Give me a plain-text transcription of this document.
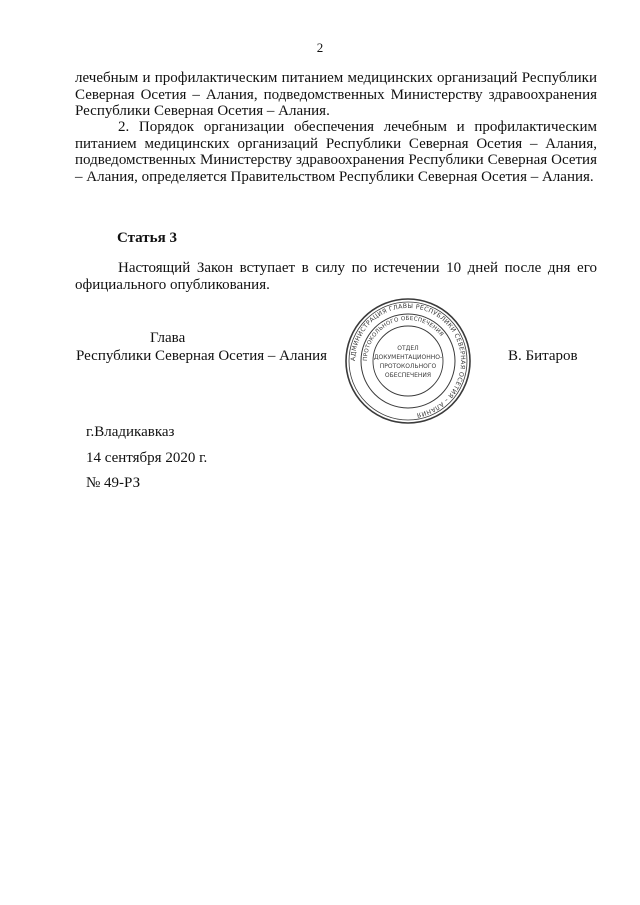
2
лечебным и профилактическим питанием медицинских организаций Республики Северная Осетия – Алания, подведомственных Министерству здравоохранения Республики Северная Осетия – Алания.
2. Порядок организации обеспечения лечебным и профилактическим питанием медицинских организаций Республики Северная Осетия – Алания, подведомственных Министерству здравоохранения Республики Северная Осетия – Алания, определяется Правительством Республики Северная Осетия – Алания.
Статья 3
Настоящий Закон вступает в силу по истечении 10 дней после дня его официального опубликования.
Глава
Республики Северная Осетия – Алания	В. Битаров
АДМИНИСТРАЦИЯ ГЛАВЫ РЕСПУБЛИКИ СЕВЕРНАЯ ОСЕТИЯ – АЛАНИЯ
ПРОТОКОЛЬНОГО ОБЕСПЕЧЕНИЯ
ОТДЕЛ
ДОКУМЕНТАЦИОННО-
ПРОТОКОЛЬНОГО
ОБЕСПЕЧЕНИЯ
г.Владикавказ
14 сентября 2020 г.
№ 49-РЗ
